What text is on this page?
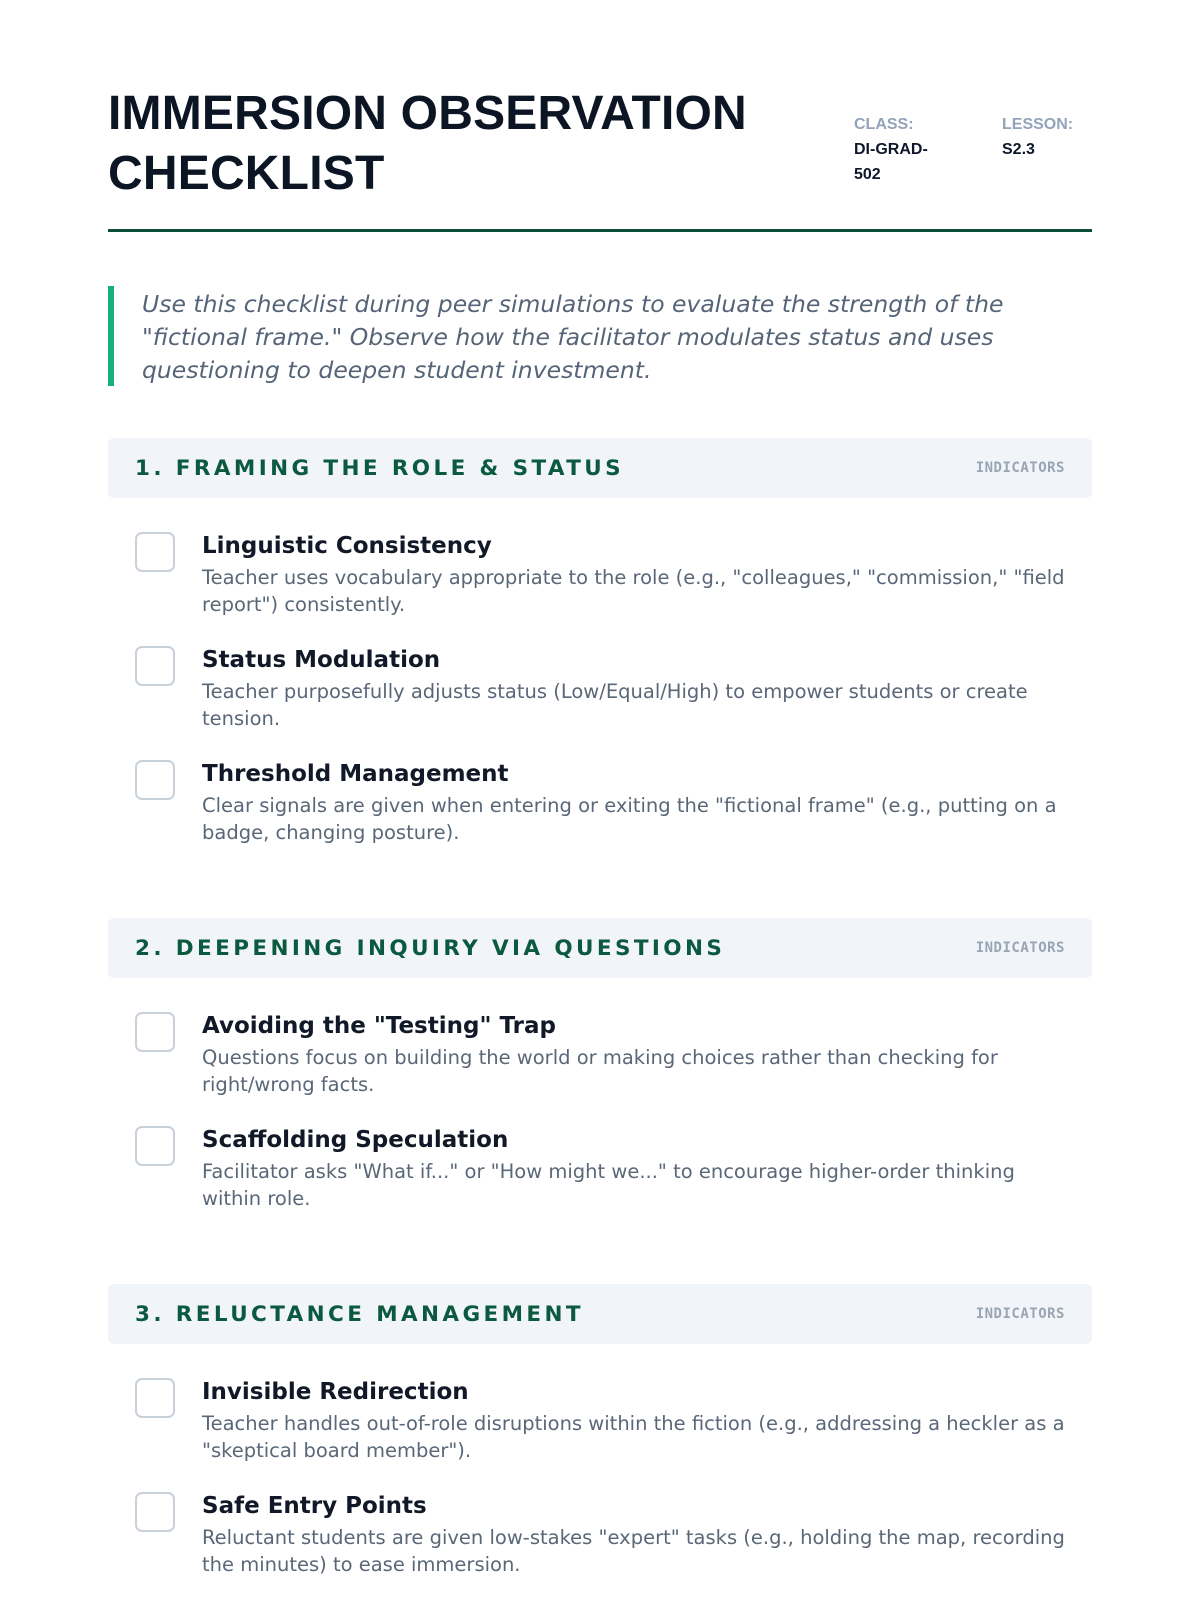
IMMERSION OBSERVATION CHECKLIST
CLASS: DI-GRAD-502
LESSON: S2.3

Use this checklist during peer simulations to evaluate the strength of the "fictional frame." Observe how the facilitator modulates status and uses questioning to deepen student investment.

1. FRAMING THE ROLE & STATUS	INDICATORS
Linguistic Consistency
Teacher uses vocabulary appropriate to the role (e.g., "colleagues," "commission," "field report") consistently.
Status Modulation
Teacher purposefully adjusts status (Low/Equal/High) to empower students or create tension.
Threshold Management
Clear signals are given when entering or exiting the "fictional frame" (e.g., putting on a badge, changing posture).
2. DEEPENING INQUIRY VIA QUESTIONS	INDICATORS
Avoiding the "Testing" Trap
Questions focus on building the world or making choices rather than checking for right/wrong facts.
Scaffolding Speculation
Facilitator asks "What if..." or "How might we..." to encourage higher-order thinking within role.
3. RELUCTANCE MANAGEMENT	INDICATORS
Invisible Redirection
Teacher handles out-of-role disruptions within the fiction (e.g., addressing a heckler as a "skeptical board member").
Safe Entry Points
Reluctant students are given low-stakes "expert" tasks (e.g., holding the map, recording the minutes) to ease immersion.
